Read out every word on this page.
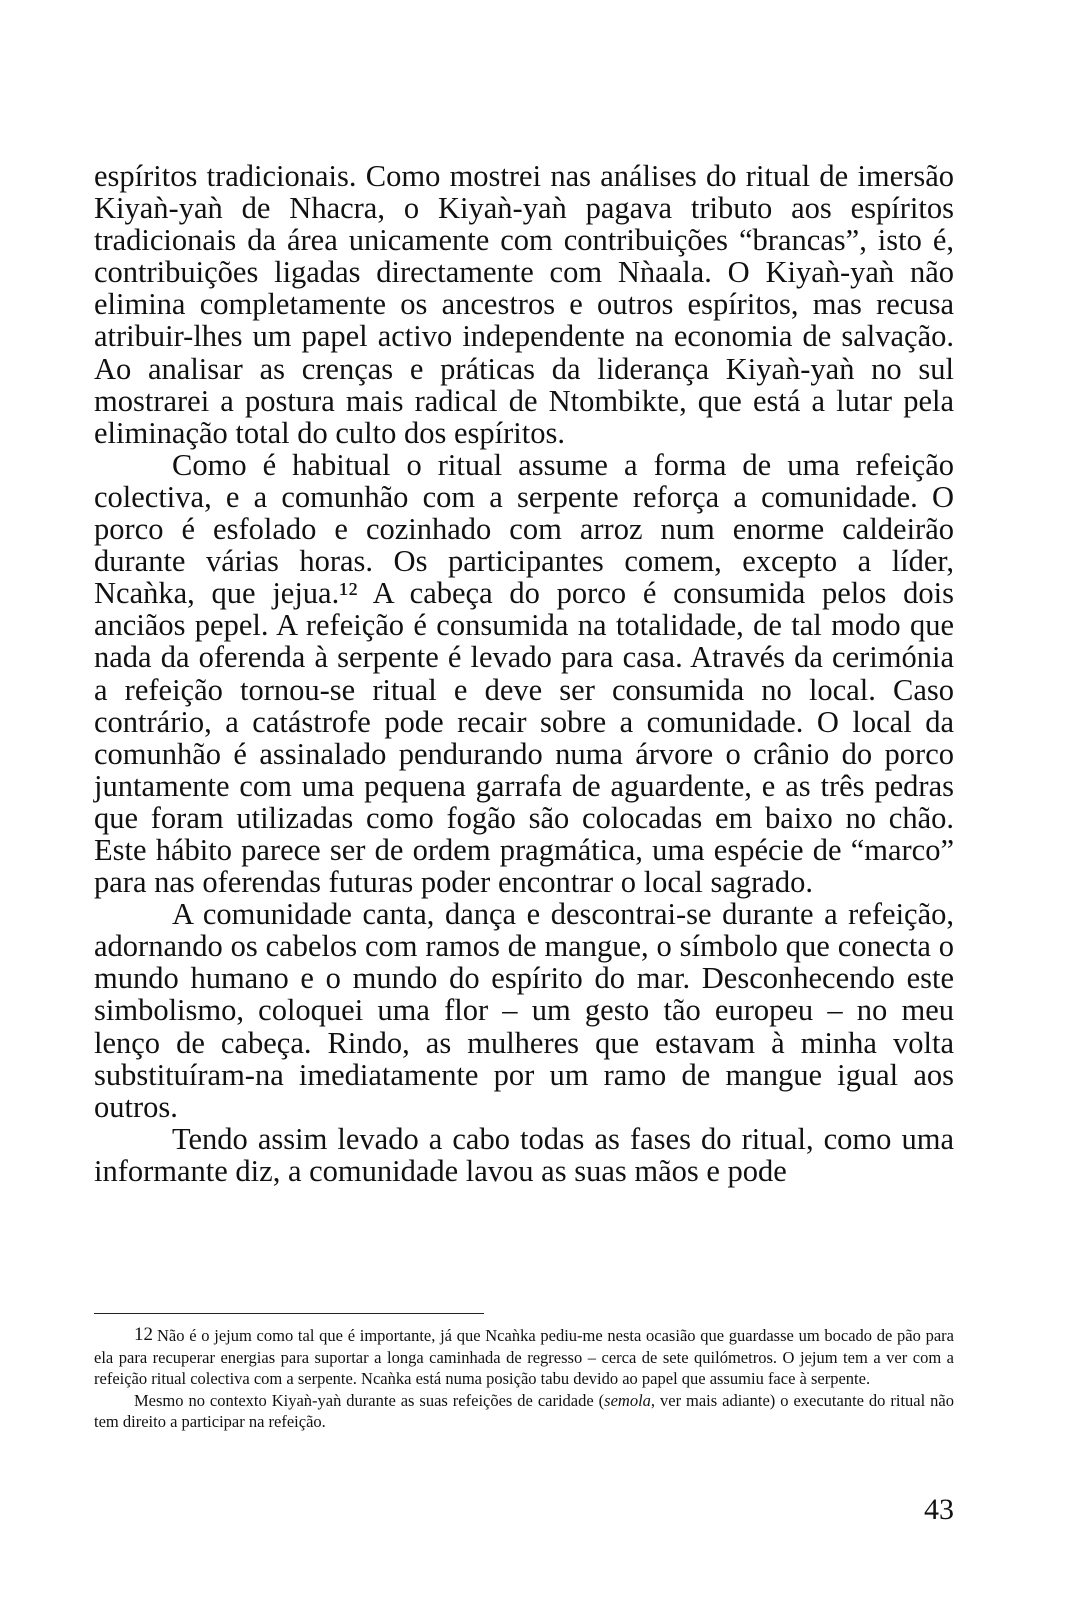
espíritos tradicionais. Como mostrei nas análises do ritual de imersão Kiyaǹ-yaǹ de Nhacra, o Kiyaǹ-yaǹ pagava tributo aos espíritos tradicionais da área unicamente com contribuições “brancas”, isto é, contribuições ligadas directamente com Nǹaala. O Kiyaǹ-yaǹ não elimina completamente os ancestros e outros espíritos, mas recusa atribuir-lhes um papel activo independente na economia de salvação. Ao analisar as crenças e práticas da liderança Kiyaǹ-yaǹ no sul mostrarei a postura mais radical de Ntombikte, que está a lutar pela eliminação total do culto dos espíritos.

Como é habitual o ritual assume a forma de uma refeição colectiva, e a comunhão com a serpente reforça a comunidade. O porco é esfolado e cozinhado com arroz num enorme caldeirão durante várias horas. Os participantes comem, excepto a líder, Ncaǹka, que jejua.¹² A cabeça do porco é consumida pelos dois anciãos pepel. A refeição é consumida na totalidade, de tal modo que nada da oferenda à serpente é levado para casa. Através da cerimónia a refeição tornou-se ritual e deve ser consumida no local. Caso contrário, a catástrofe pode recair sobre a comunidade. O local da comunhão é assinalado pendurando numa árvore o crânio do porco juntamente com uma pequena garrafa de aguardente, e as três pedras que foram utilizadas como fogão são colocadas em baixo no chão. Este hábito parece ser de ordem pragmática, uma espécie de “marco” para nas oferendas futuras poder encontrar o local sagrado.

A comunidade canta, dança e descontrai-se durante a refeição, adornando os cabelos com ramos de mangue, o símbolo que conecta o mundo humano e o mundo do espírito do mar. Desconhecendo este simbolismo, coloquei uma flor – um gesto tão europeu – no meu lenço de cabeça. Rindo, as mulheres que estavam à minha volta substituíram-na imediatamente por um ramo de mangue igual aos outros.

Tendo assim levado a cabo todas as fases do ritual, como uma informante diz, a comunidade lavou as suas mãos e pode

12 Não é o jejum como tal que é importante, já que Ncaǹka pediu-me nesta ocasião que guardasse um bocado de pão para ela para recuperar energias para suportar a longa caminhada de regresso – cerca de sete quilómetros. O jejum tem a ver com a refeição ritual colectiva com a serpente. Ncaǹka está numa posição tabu devido ao papel que assumiu face à serpente.

Mesmo no contexto Kiyaǹ-yaǹ durante as suas refeições de caridade (semola, ver mais adiante) o executante do ritual não tem direito a participar na refeição.

43
